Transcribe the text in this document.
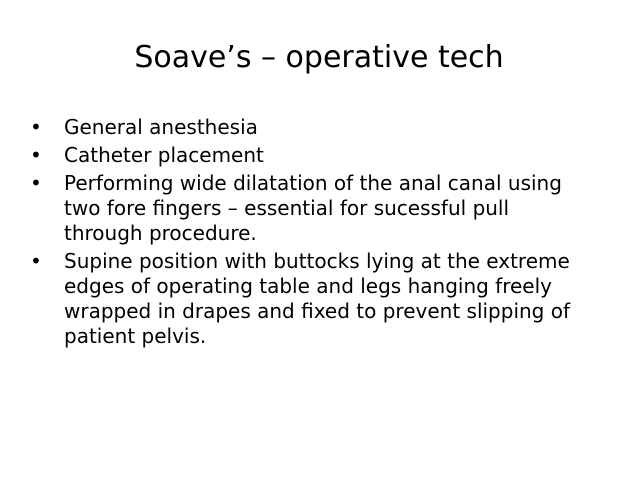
Soave’s – operative tech
•	General anesthesia
•	Catheter placement
•	Performing wide dilatation of the anal canal using two fore fingers – essential for sucessful pull through procedure.
•	Supine position with buttocks lying at the extreme edges of operating table and legs hanging freely wrapped in drapes and fixed to prevent slipping of patient pelvis.
